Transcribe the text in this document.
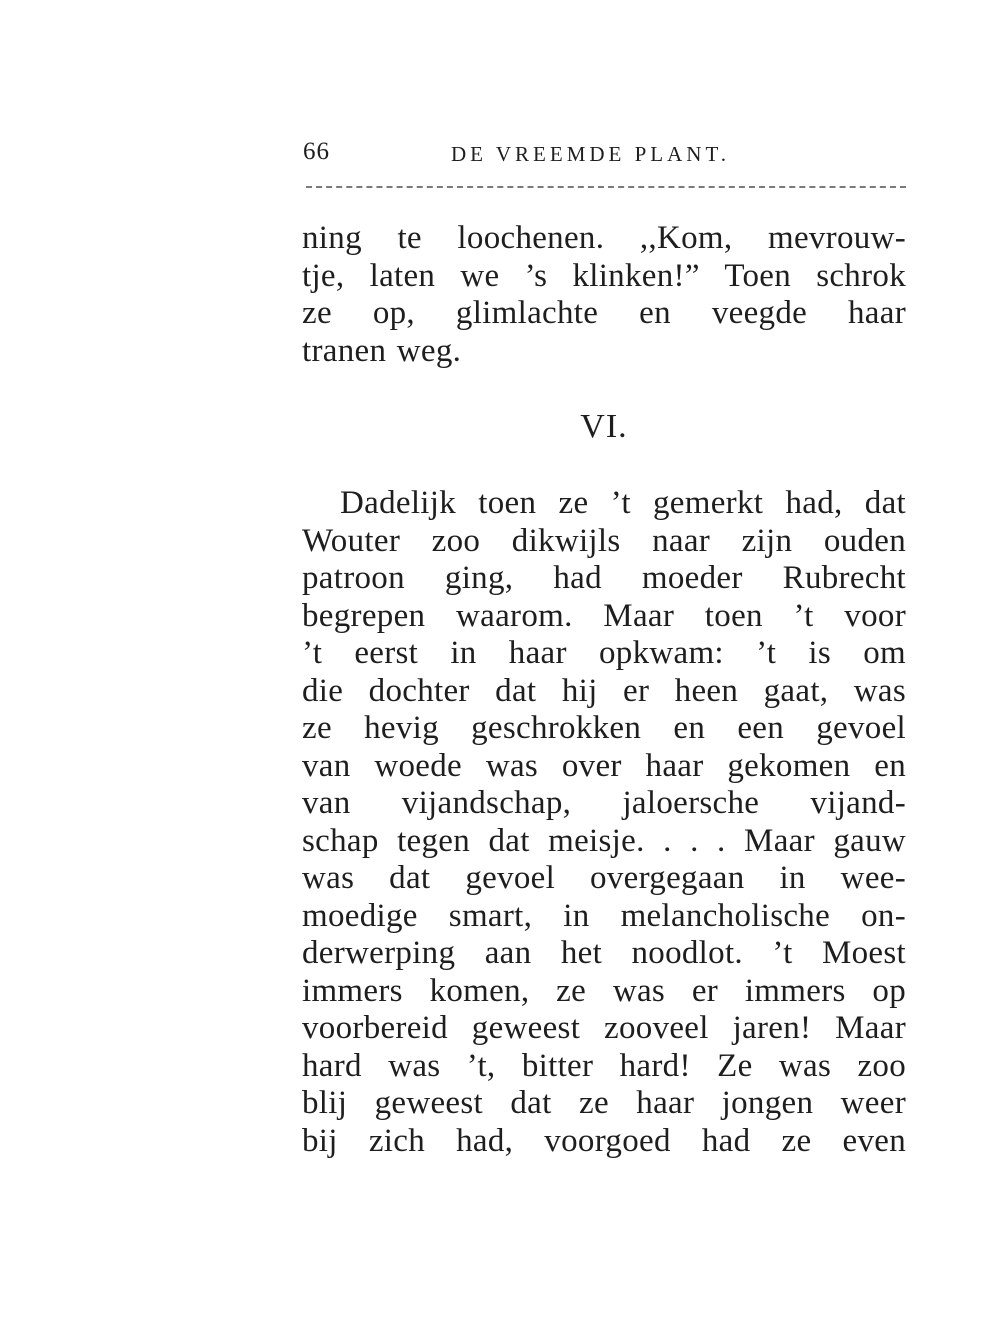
66	DE VREEMDE PLANT.
ning te loochenen. ,,Kom, mevrouw-
tje, laten we ’s klinken!” Toen schrok
ze op, glimlachte en veegde haar
tranen weg.
VI.
Dadelijk toen ze ’t gemerkt had, dat
Wouter zoo dikwijls naar zijn ouden
patroon ging, had moeder Rubrecht
begrepen waarom. Maar toen ’t voor
’t eerst in haar opkwam: ’t is om
die dochter dat hij er heen gaat, was
ze hevig geschrokken en een gevoel
van woede was over haar gekomen en
van vijandschap, jaloersche vijand-
schap tegen dat meisje. . . . Maar gauw
was dat gevoel overgegaan in wee-
moedige smart, in melancholische on-
derwerping aan het noodlot. ’t Moest
immers komen, ze was er immers op
voorbereid geweest zooveel jaren! Maar
hard was ’t, bitter hard! Ze was zoo
blij geweest dat ze haar jongen weer
bij zich had, voorgoed had ze even
